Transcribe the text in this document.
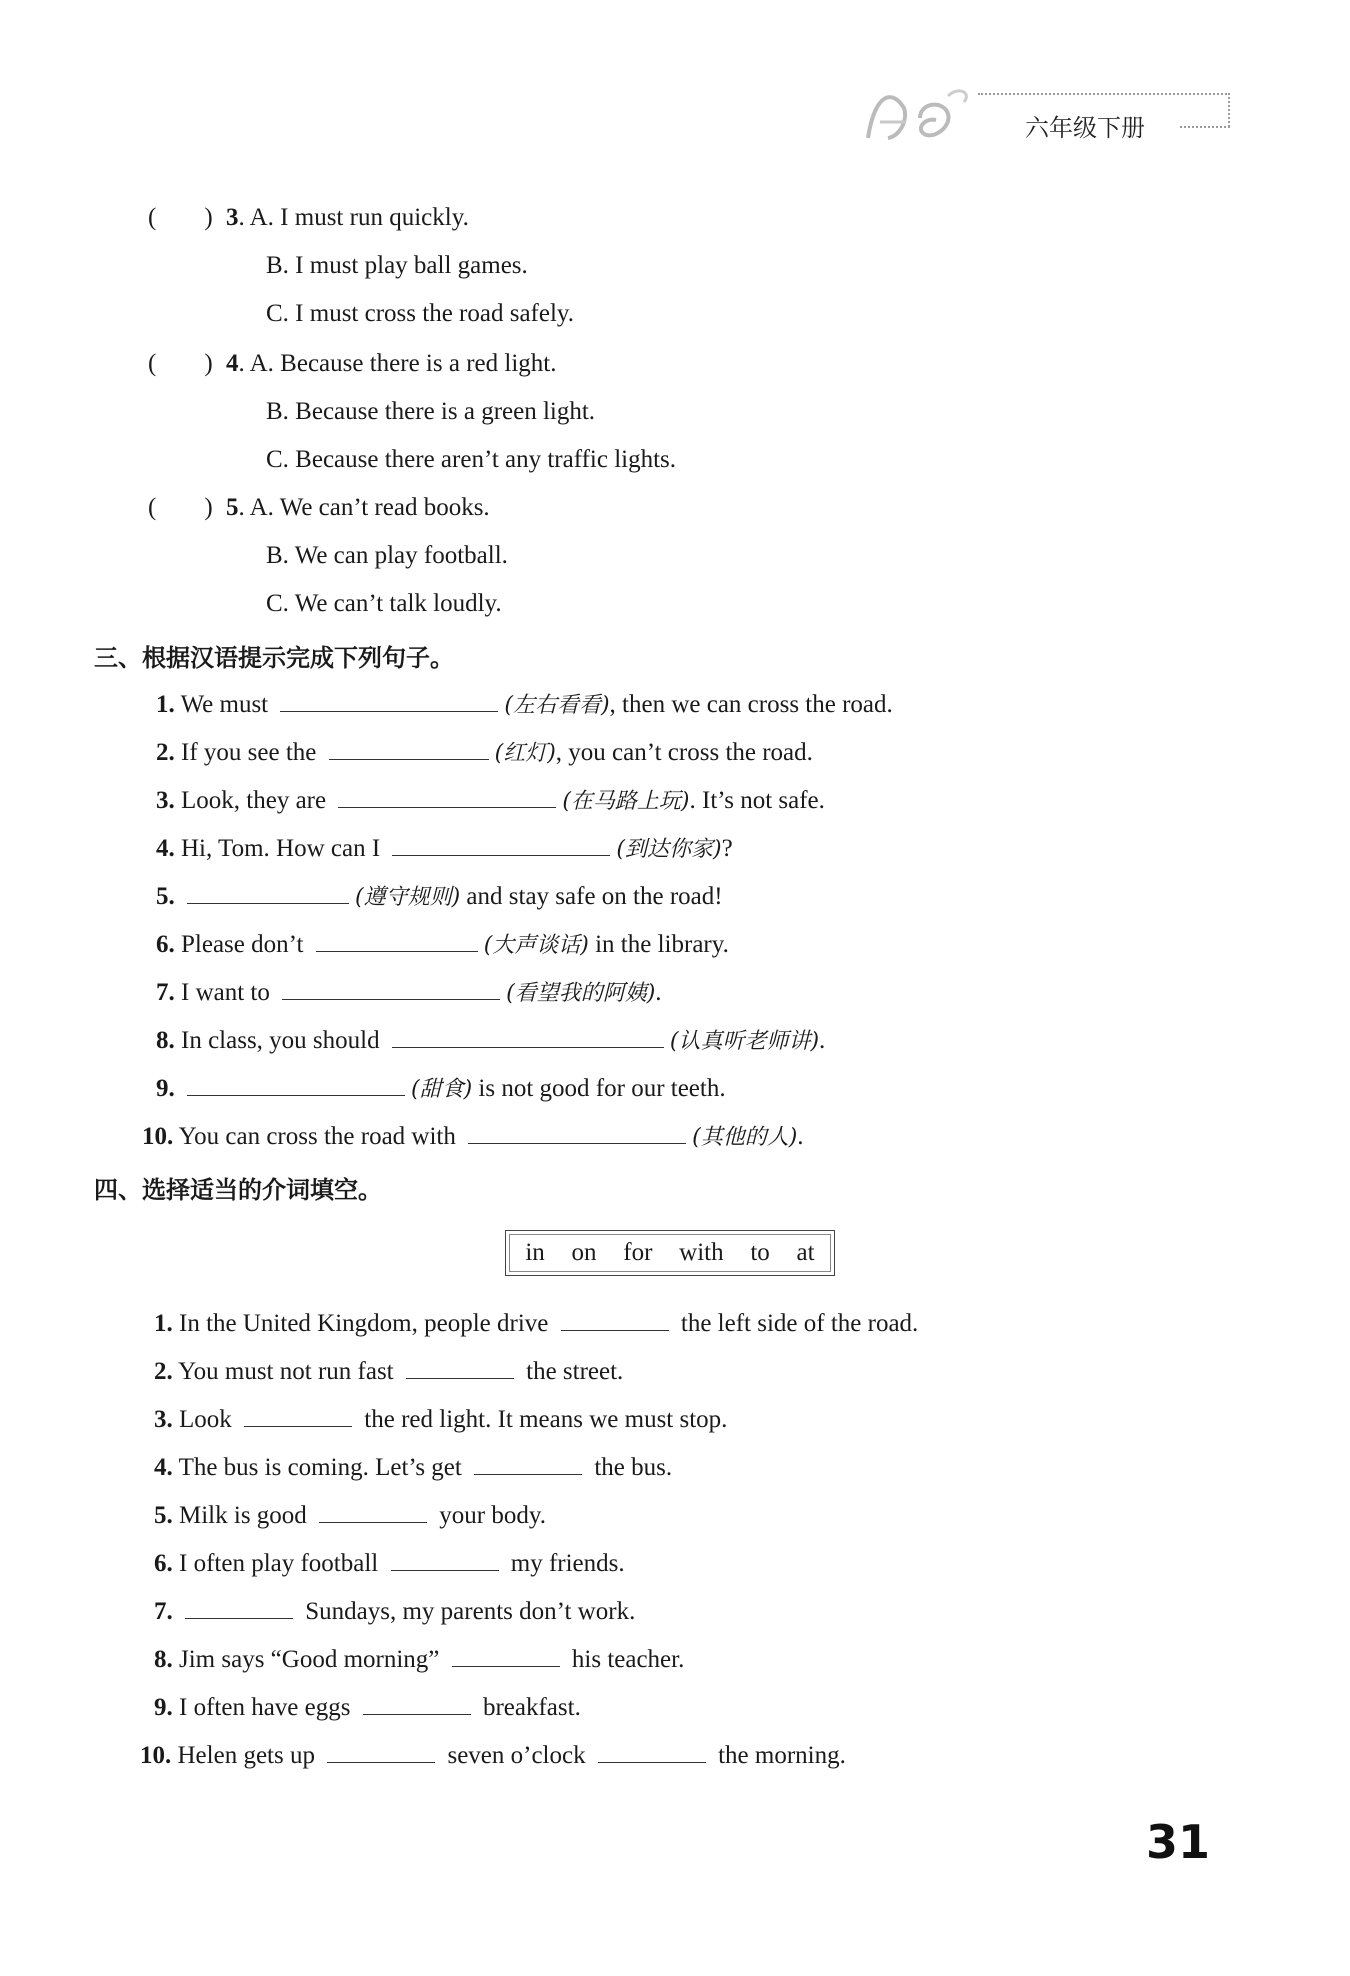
六年级下册
( ) 3. A. I must run quickly.
B. I must play ball games.
C. I must cross the road safely.
( ) 4. A. Because there is a red light.
B. Because there is a green light.
C. Because there aren’t any traffic lights.
( ) 5. A. We can’t read books.
B. We can play football.
C. We can’t talk loudly.
三、根据汉语提示完成下列句子。
1. We must	(左右看看), then we can cross the road.
2. If you see the	(红灯), you can’t cross the road.
3. Look, they are	(在马路上玩). It’s not safe.
4. Hi, Tom. How can I	(到达你家)?
5.	(遵守规则) and stay safe on the road!
6. Please don’t	(大声谈话) in the library.
7. I want to	(看望我的阿姨).
8. In class, you should	(认真听老师讲).
9.	(甜食) is not good for our teeth.
10. You can cross the road with	(其他的人).
四、选择适当的介词填空。
in on for with to at
1. In the United Kingdom, people drive	the left side of the road.
2. You must not run fast	the street.
3. Look	the red light. It means we must stop.
4. The bus is coming. Let’s get	the bus.
5. Milk is good	your body.
6. I often play football	my friends.
7.	Sundays, my parents don’t work.
8. Jim says “Good morning”	his teacher.
9. I often have eggs	breakfast.
10. Helen gets up	seven o’clock	the morning.
31
